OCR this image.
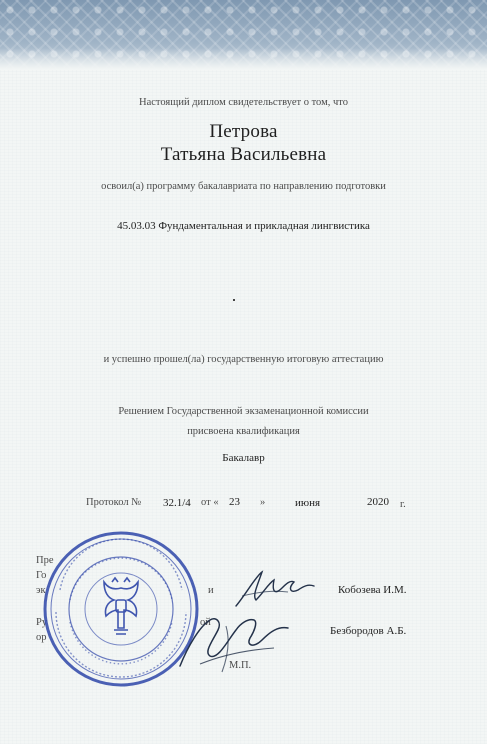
Настоящий диплом свидетельствует о том, что
Петрова
Татьяна Васильевна
освоил(а) программу бакалавриата по направлению подготовки
45.03.03 Фундаментальная и прикладная лингвистика
и успешно прошел(ла) государственную итоговую аттестацию
Решением Государственной экзаменационной комиссии
присвоена квалификация
Бакалавр
Протокол № 32.1/4 от « 23 »	июня	2020 г.
Пре
Го
эк	и	Кобозева И.М.
Ру
ор
ой
Безбородов А.Б.
М.П.
